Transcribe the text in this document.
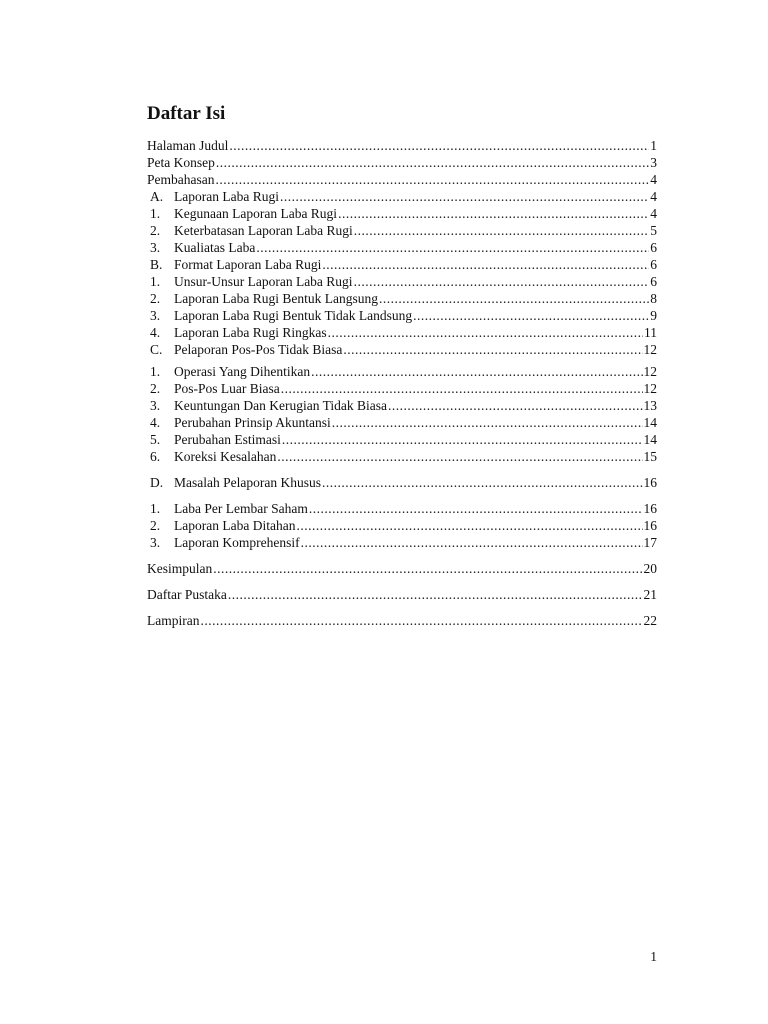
Daftar Isi
Halaman Judul .....	1
Peta Konsep .....	3
Pembahasan .....	4
A. Laporan Laba Rugi .....	4
1.	Kegunaan Laporan Laba Rugi .....	4
2.	Keterbatasan Laporan Laba Rugi .....	5
3.	Kualiatas Laba .....	6
B. Format Laporan Laba Rugi .....	6
1.	Unsur-Unsur Laporan Laba Rugi .....	6
2.	Laporan Laba Rugi Bentuk Langsung .....	8
3.	Laporan Laba Rugi Bentuk Tidak Landsung .....	9
4.	Laporan Laba Rugi Ringkas .....	11
C. Pelaporan Pos-Pos Tidak Biasa .....	12
1.	Operasi Yang Dihentikan .....	12
2.	Pos-Pos Luar Biasa .....	12
3.	Keuntungan Dan Kerugian Tidak Biasa .....	13
4.	Perubahan Prinsip Akuntansi .....	14
5.	Perubahan Estimasi .....	14
6.	Koreksi Kesalahan .....	15
D. Masalah Pelaporan Khusus .....	16
1.	Laba Per Lembar Saham .....	16
2.	Laporan Laba Ditahan .....	16
3.	Laporan Komprehensif .....	17
Kesimpulan .....	20
Daftar Pustaka .....	21
Lampiran .....	22
1
